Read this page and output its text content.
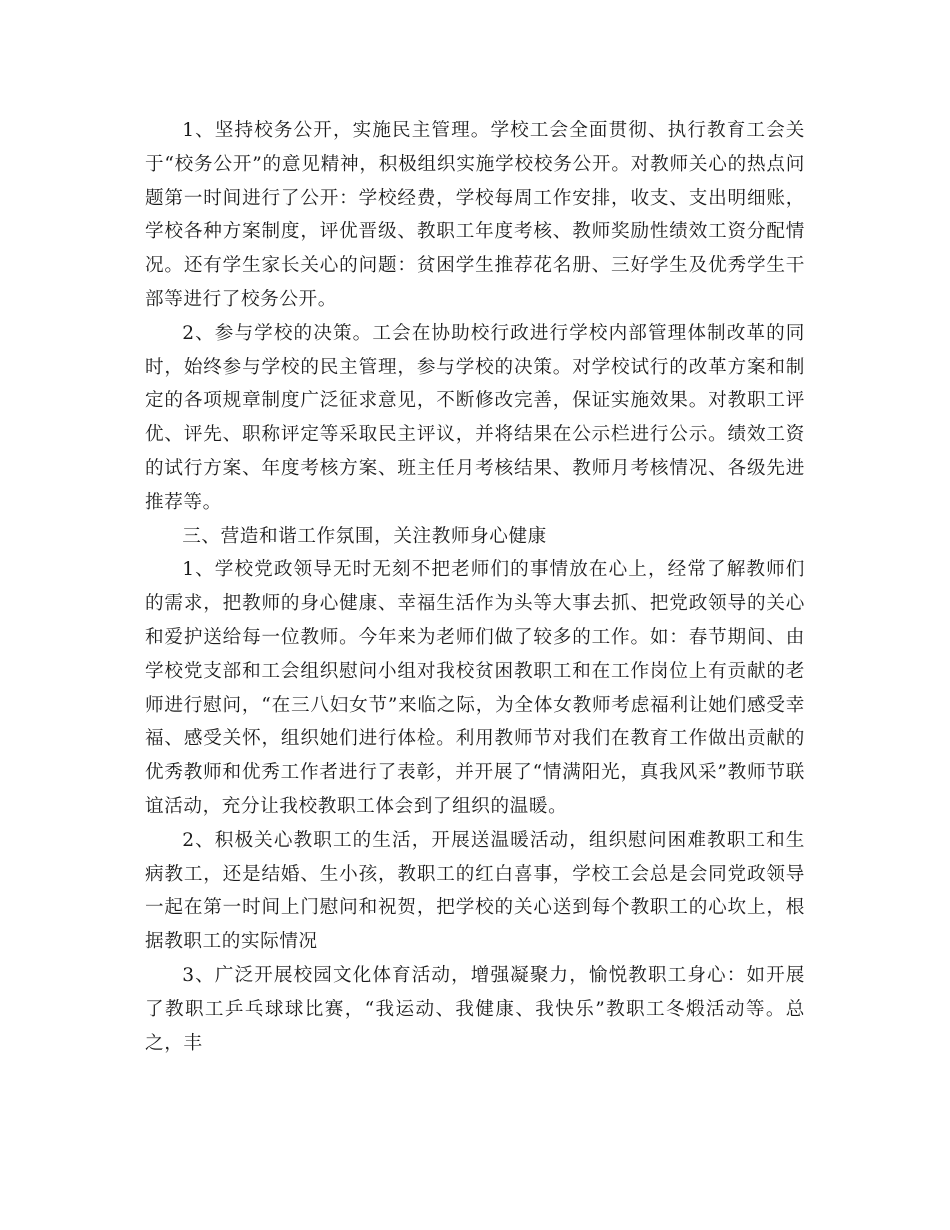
1、坚持校务公开，实施民主管理。学校工会全面贯彻、执行教育工会关于“校务公开”的意见精神，积极组织实施学校校务公开。对教师关心的热点问题第一时间进行了公开：学校经费，学校每周工作安排，收支、支出明细账，学校各种方案制度，评优晋级、教职工年度考核、教师奖励性绩效工资分配情况。还有学生家长关心的问题：贫困学生推荐花名册、三好学生及优秀学生干部等进行了校务公开。

2、参与学校的决策。工会在协助校行政进行学校内部管理体制改革的同时，始终参与学校的民主管理，参与学校的决策。对学校试行的改革方案和制定的各项规章制度广泛征求意见，不断修改完善，保证实施效果。对教职工评优、评先、职称评定等采取民主评议，并将结果在公示栏进行公示。绩效工资的试行方案、年度考核方案、班主任月考核结果、教师月考核情况、各级先进推荐等。

三、营造和谐工作氛围，关注教师身心健康

1、学校党政领导无时无刻不把老师们的事情放在心上，经常了解教师们的需求，把教师的身心健康、幸福生活作为头等大事去抓、把党政领导的关心和爱护送给每一位教师。今年来为老师们做了较多的工作。如：春节期间、由学校党支部和工会组织慰问小组对我校贫困教职工和在工作岗位上有贡献的老师进行慰问，“在三八妇女节”来临之际，为全体女教师考虑福利让她们感受幸福、感受关怀，组织她们进行体检。利用教师节对我们在教育工作做出贡献的优秀教师和优秀工作者进行了表彰，并开展了“情满阳光，真我风采”教师节联谊活动，充分让我校教职工体会到了组织的温暖。

2、积极关心教职工的生活，开展送温暖活动，组织慰问困难教职工和生病教工，还是结婚、生小孩，教职工的红白喜事，学校工会总是会同党政领导一起在第一时间上门慰问和祝贺，把学校的关心送到每个教职工的心坎上，根据教职工的实际情况

3、广泛开展校园文化体育活动，增强凝聚力，愉悦教职工身心：如开展了教职工乒乓球球比赛，“我运动、我健康、我快乐”教职工冬煅活动等。总之，丰
